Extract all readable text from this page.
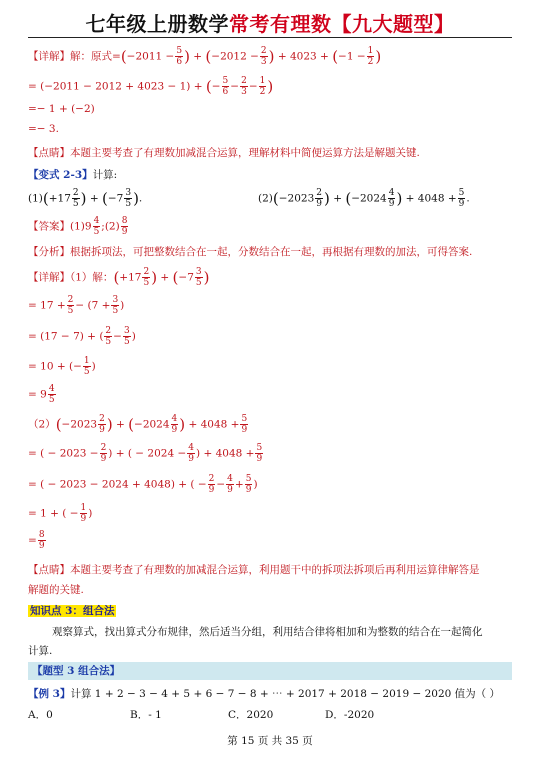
七年级上册数学常考有理数【九大题型】
【详解】解：原式$=(-2011 - \frac{5}{6}$ ) + ($-2012 - \frac{2}{3}$ ) + $4023 + (-1 - \frac{1}{2}$ )
= (−2011 − 2012 + 4023 − 1) + (− $\frac{5}{6} - \frac{2}{3} - \frac{1}{2}$ )
=− 1 + (−2)
=− 3.
【点睛】本题主要考查了有理数加减混合运算，理解材料中简便运算方法是解题关键.
【变式 2-3】计算:
$(1)(+17 \frac{2}{5}$ ) + ($-7 \frac{3}{5}$ ).	$(2)(-2023 \frac{2}{9}$ ) + ($-2024 \frac{4}{9}$ ) + $4048 + \frac{5}{9}$ .
【答案】$(1)9 \frac{4}{5}$ ;(2) $\frac{8}{9}$
【分析】根据拆项法，可把整数结合在一起，分数结合在一起，再根据有理数的加法，可得答案.
【详解】（1）解：($+17 \frac{2}{5}$ ) + ($-7 \frac{3}{5}$ )
= $17 + \frac{2}{5} - (7 + \frac{3}{5}$ )
= (17 − 7) + ( $\frac{2}{5} - \frac{3}{5}$ )
= 10 + (− $\frac{1}{5}$ )
= $9 \frac{4}{5}$
$(2)(-2023 \frac{2}{9}$ ) + ($-2024 \frac{4}{9}$ ) + $4048 + \frac{5}{9}$
= ( − $2023 - \frac{2}{9}$ ) + ( − $2024 - \frac{4}{9}$ ) + $4048 + \frac{5}{9}$
= ( − 2023 − 2024 + 4048) + ( − $\frac{2}{9} - \frac{4}{9} + \frac{5}{9}$ )
= 1 + ( − $\frac{1}{9}$ )
= $\frac{8}{9}$
【点睛】本题主要考查了有理数的加减混合运算，利用题干中的拆项法拆项后再利用运算律解答是
解题的关键.
知识点 3：组合法
观察算式，找出算式分布规律，然后适当分组，利用结合律将相加和为整数的结合在一起简化
计算.
【题型 3 组合法】
【例 3】计算 1 + 2 − 3 − 4 + 5 + 6 − 7 − 8 + ⋯ + 2017 + 2018 − 2019 − 2020 值为（ ）
A．0	B．- 1	C．2020	D．-2020
第 15 页 共 35 页
